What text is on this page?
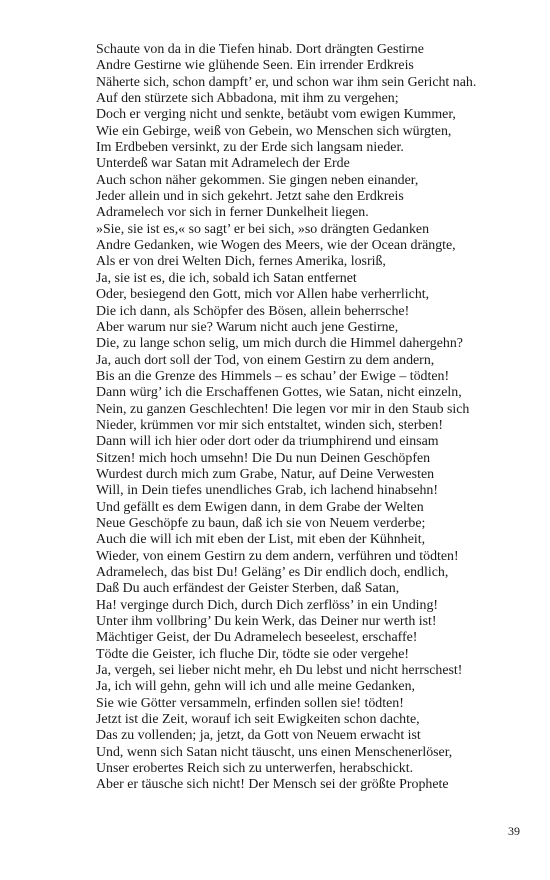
Schaute von da in die Tiefen hinab. Dort drängten Gestirne
Andre Gestirne wie glühende Seen. Ein irrender Erdkreis
Näherte sich, schon dampft’ er, und schon war ihm sein Gericht nah.
Auf den stürzete sich Abbadona, mit ihm zu vergehen;
Doch er verging nicht und senkte, betäubt vom ewigen Kummer,
Wie ein Gebirge, weiß von Gebein, wo Menschen sich würgten,
Im Erdbeben versinkt, zu der Erde sich langsam nieder.
Unterdeß war Satan mit Adramelech der Erde
Auch schon näher gekommen. Sie gingen neben einander,
Jeder allein und in sich gekehrt. Jetzt sahe den Erdkreis
Adramelech vor sich in ferner Dunkelheit liegen.
»Sie, sie ist es,« so sagt’ er bei sich, »so drängten Gedanken
Andre Gedanken, wie Wogen des Meers, wie der Ocean drängte,
Als er von drei Welten Dich, fernes Amerika, losriß,
Ja, sie ist es, die ich, sobald ich Satan entfernet
Oder, besiegend den Gott, mich vor Allen habe verherrlicht,
Die ich dann, als Schöpfer des Bösen, allein beherrsche!
Aber warum nur sie? Warum nicht auch jene Gestirne,
Die, zu lange schon selig, um mich durch die Himmel dahergehn?
Ja, auch dort soll der Tod, von einem Gestirn zu dem andern,
Bis an die Grenze des Himmels – es schau’ der Ewige – tödten!
Dann würg’ ich die Erschaffenen Gottes, wie Satan, nicht einzeln,
Nein, zu ganzen Geschlechten! Die legen vor mir in den Staub sich
Nieder, krümmen vor mir sich entstaltet, winden sich, sterben!
Dann will ich hier oder dort oder da triumphirend und einsam
Sitzen! mich hoch umsehn! Die Du nun Deinen Geschöpfen
Wurdest durch mich zum Grabe, Natur, auf Deine Verwesten
Will, in Dein tiefes unendliches Grab, ich lachend hinabsehn!
Und gefällt es dem Ewigen dann, in dem Grabe der Welten
Neue Geschöpfe zu baun, daß ich sie von Neuem verderbe;
Auch die will ich mit eben der List, mit eben der Kühnheit,
Wieder, von einem Gestirn zu dem andern, verführen und tödten!
Adramelech, das bist Du! Geläng’ es Dir endlich doch, endlich,
Daß Du auch erfändest der Geister Sterben, daß Satan,
Ha! verginge durch Dich, durch Dich zerflöss’ in ein Unding!
Unter ihm vollbring’ Du kein Werk, das Deiner nur werth ist!
Mächtiger Geist, der Du Adramelech beseelest, erschaffe!
Tödte die Geister, ich fluche Dir, tödte sie oder vergehe!
Ja, vergeh, sei lieber nicht mehr, eh Du lebst und nicht herrschest!
Ja, ich will gehn, gehn will ich und alle meine Gedanken,
Sie wie Götter versammeln, erfinden sollen sie! tödten!
Jetzt ist die Zeit, worauf ich seit Ewigkeiten schon dachte,
Das zu vollenden; ja, jetzt, da Gott von Neuem erwacht ist
Und, wenn sich Satan nicht täuscht, uns einen Menschenerlöser,
Unser erobertes Reich sich zu unterwerfen, herabschickt.
Aber er täusche sich nicht! Der Mensch sei der größte Prophete
39
